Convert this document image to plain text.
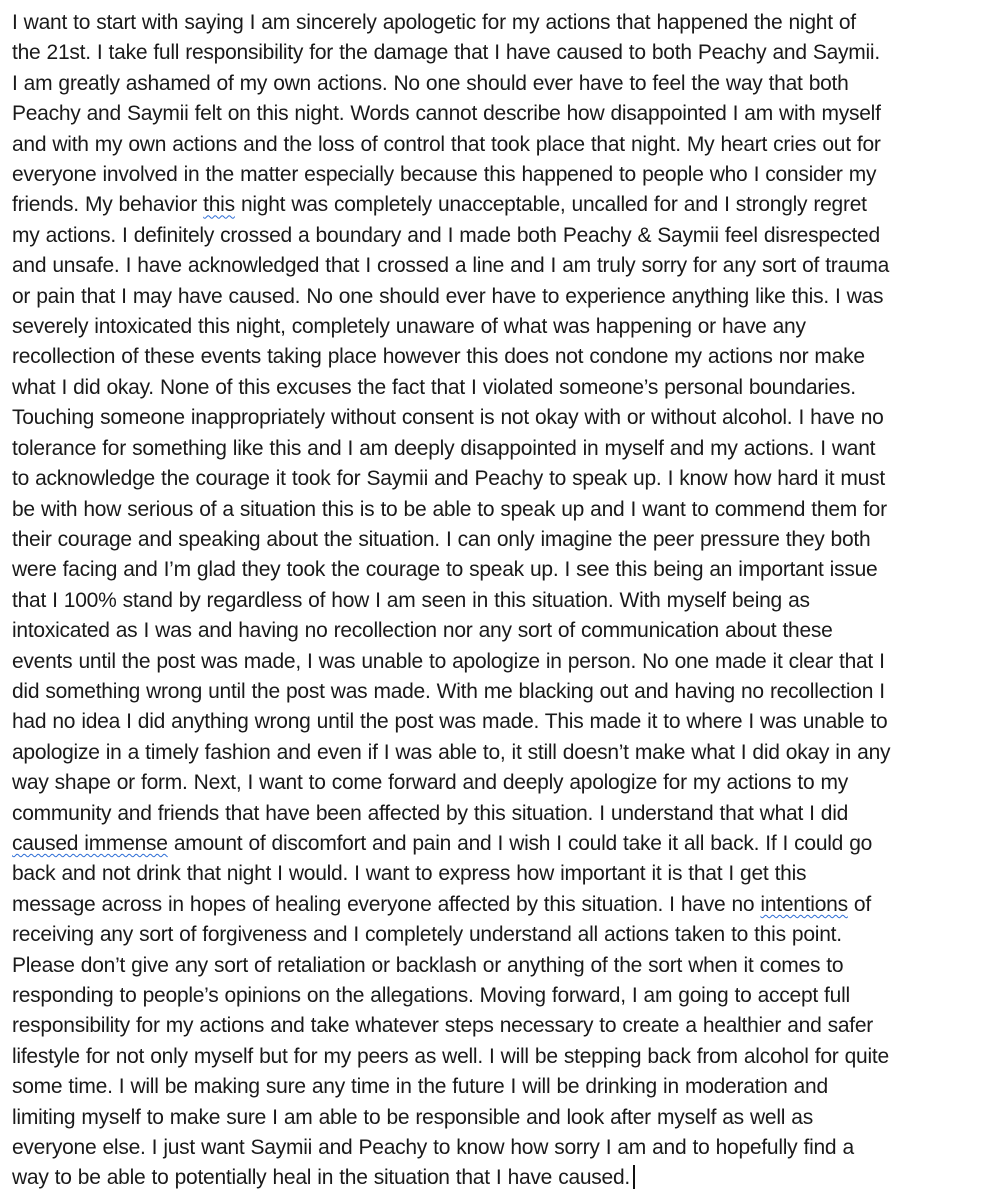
I want to start with saying I am sincerely apologetic for my actions that happened the night of
the 21st. I take full responsibility for the damage that I have caused to both Peachy and Saymii.
I am greatly ashamed of my own actions. No one should ever have to feel the way that both
Peachy and Saymii felt on this night. Words cannot describe how disappointed I am with myself
and with my own actions and the loss of control that took place that night. My heart cries out for
everyone involved in the matter especially because this happened to people who I consider my
friends. My behavior this night was completely unacceptable, uncalled for and I strongly regret
my actions. I definitely crossed a boundary and I made both Peachy & Saymii feel disrespected
and unsafe. I have acknowledged that I crossed a line and I am truly sorry for any sort of trauma
or pain that I may have caused. No one should ever have to experience anything like this. I was
severely intoxicated this night, completely unaware of what was happening or have any
recollection of these events taking place however this does not condone my actions nor make
what I did okay. None of this excuses the fact that I violated someone’s personal boundaries.
Touching someone inappropriately without consent is not okay with or without alcohol. I have no
tolerance for something like this and I am deeply disappointed in myself and my actions. I want
to acknowledge the courage it took for Saymii and Peachy to speak up. I know how hard it must
be with how serious of a situation this is to be able to speak up and I want to commend them for
their courage and speaking about the situation. I can only imagine the peer pressure they both
were facing and I’m glad they took the courage to speak up. I see this being an important issue
that I 100% stand by regardless of how I am seen in this situation. With myself being as
intoxicated as I was and having no recollection nor any sort of communication about these
events until the post was made, I was unable to apologize in person. No one made it clear that I
did something wrong until the post was made. With me blacking out and having no recollection I
had no idea I did anything wrong until the post was made. This made it to where I was unable to
apologize in a timely fashion and even if I was able to, it still doesn’t make what I did okay in any
way shape or form. Next, I want to come forward and deeply apologize for my actions to my
community and friends that have been affected by this situation. I understand that what I did
caused immense amount of discomfort and pain and I wish I could take it all back. If I could go
back and not drink that night I would. I want to express how important it is that I get this
message across in hopes of healing everyone affected by this situation. I have no intentions of
receiving any sort of forgiveness and I completely understand all actions taken to this point.
Please don’t give any sort of retaliation or backlash or anything of the sort when it comes to
responding to people’s opinions on the allegations. Moving forward, I am going to accept full
responsibility for my actions and take whatever steps necessary to create a healthier and safer
lifestyle for not only myself but for my peers as well. I will be stepping back from alcohol for quite
some time. I will be making sure any time in the future I will be drinking in moderation and
limiting myself to make sure I am able to be responsible and look after myself as well as
everyone else. I just want Saymii and Peachy to know how sorry I am and to hopefully find a
way to be able to potentially heal in the situation that I have caused.
